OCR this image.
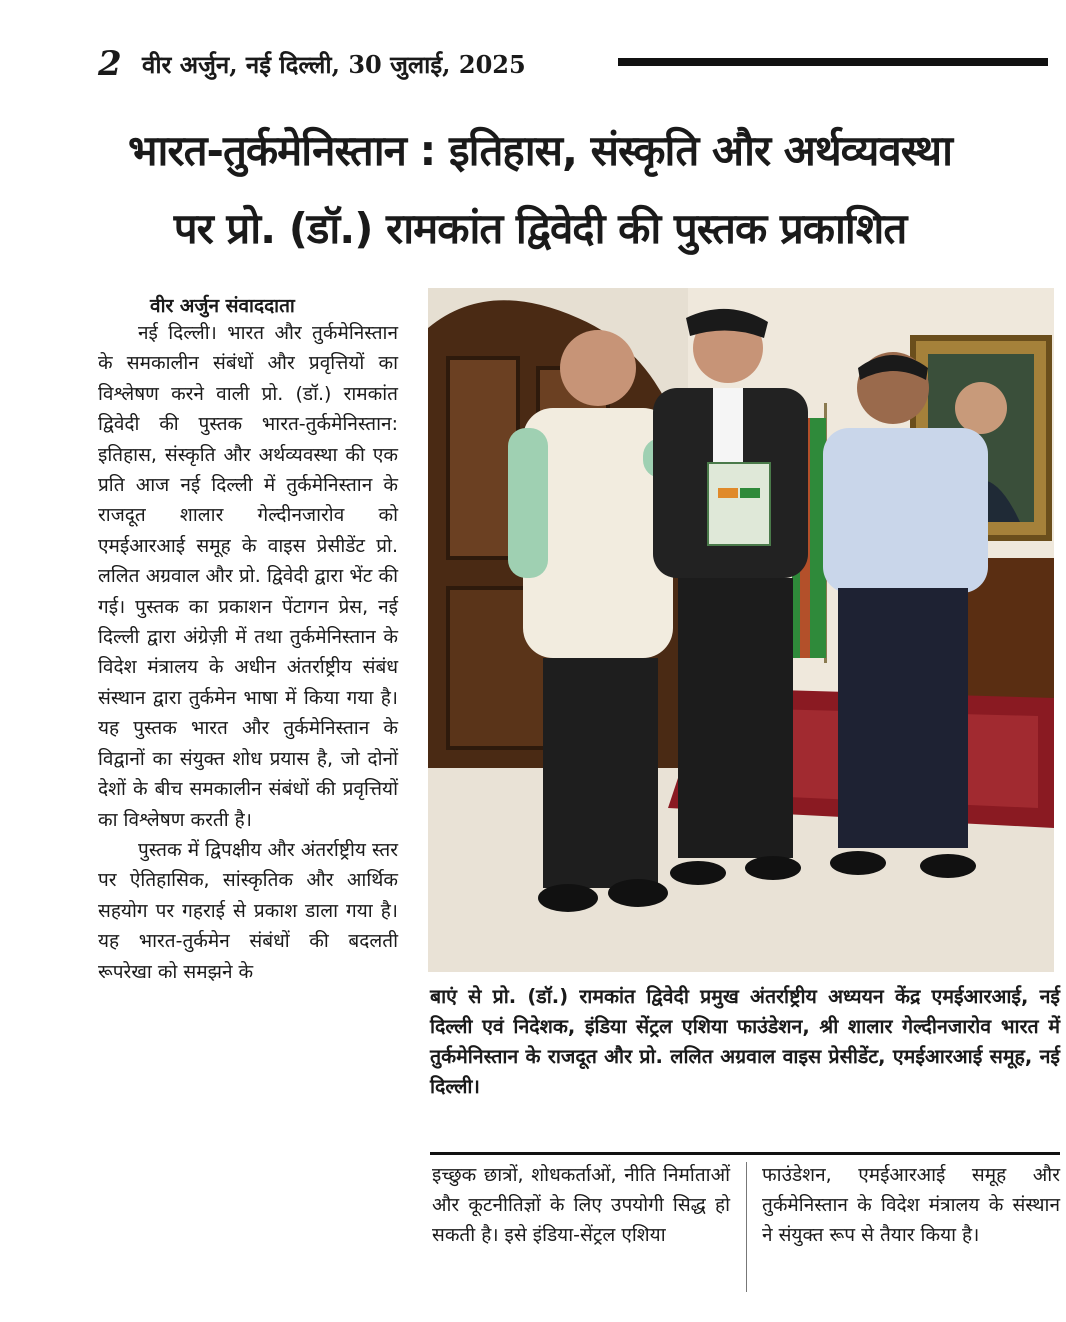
2 वीर अर्जुन, नई दिल्ली, 30 जुलाई, 2025
भारत-तुर्कमेनिस्तान : इतिहास, संस्कृति और अर्थव्यवस्था
पर प्रो. (डॉ.) रामकांत द्विवेदी की पुस्तक प्रकाशित
वीर अर्जुन संवाददाता

नई दिल्ली। भारत और तुर्कमेनिस्तान के समकालीन संबंधों और प्रवृत्तियों का विश्लेषण करने वाली प्रो. (डॉ.) रामकांत द्विवेदी की पुस्तक भारत-तुर्कमेनिस्तान: इतिहास, संस्कृति और अर्थव्यवस्था की एक प्रति आज नई दिल्ली में तुर्कमेनिस्तान के राजदूत शालार गेल्दीनजारोव को एमईआरआई समूह के वाइस प्रेसीडेंट प्रो. ललित अग्रवाल और प्रो. द्विवेदी द्वारा भेंट की गई। पुस्तक का प्रकाशन पेंटागन प्रेस, नई दिल्ली द्वारा अंग्रेज़ी में तथा तुर्कमेनिस्तान के विदेश मंत्रालय के अधीन अंतर्राष्ट्रीय संबंध संस्थान द्वारा तुर्कमेन भाषा में किया गया है। यह पुस्तक भारत और तुर्कमेनिस्तान के विद्वानों का संयुक्त शोध प्रयास है, जो दोनों देशों के बीच समकालीन संबंधों की प्रवृत्तियों का विश्लेषण करती है।

पुस्तक में द्विपक्षीय और अंतर्राष्ट्रीय स्तर पर ऐतिहासिक, सांस्कृतिक और आर्थिक सहयोग पर गहराई से प्रकाश डाला गया है। यह भारत-तुर्कमेन संबंधों की बदलती रूपरेखा को समझने के

बाएं से प्रो. (डॉ.) रामकांत द्विवेदी प्रमुख अंतर्राष्ट्रीय अध्ययन केंद्र एमईआरआई, नई दिल्ली एवं निदेशक, इंडिया सेंट्रल एशिया फाउंडेशन, श्री शालार गेल्दीनजारोव भारत में तुर्कमेनिस्तान के राजदूत और प्रो. ललित अग्रवाल वाइस प्रेसीडेंट, एमईआरआई समूह, नई दिल्ली।
इच्छुक छात्रों, शोधकर्ताओं, नीति निर्माताओं और कूटनीतिज्ञों के लिए उपयोगी सिद्ध हो सकती है। इसे इंडिया-सेंट्रल एशिया
फाउंडेशन, एमईआरआई समूह और तुर्कमेनिस्तान के विदेश मंत्रालय के संस्थान ने संयुक्त रूप से तैयार किया है।
